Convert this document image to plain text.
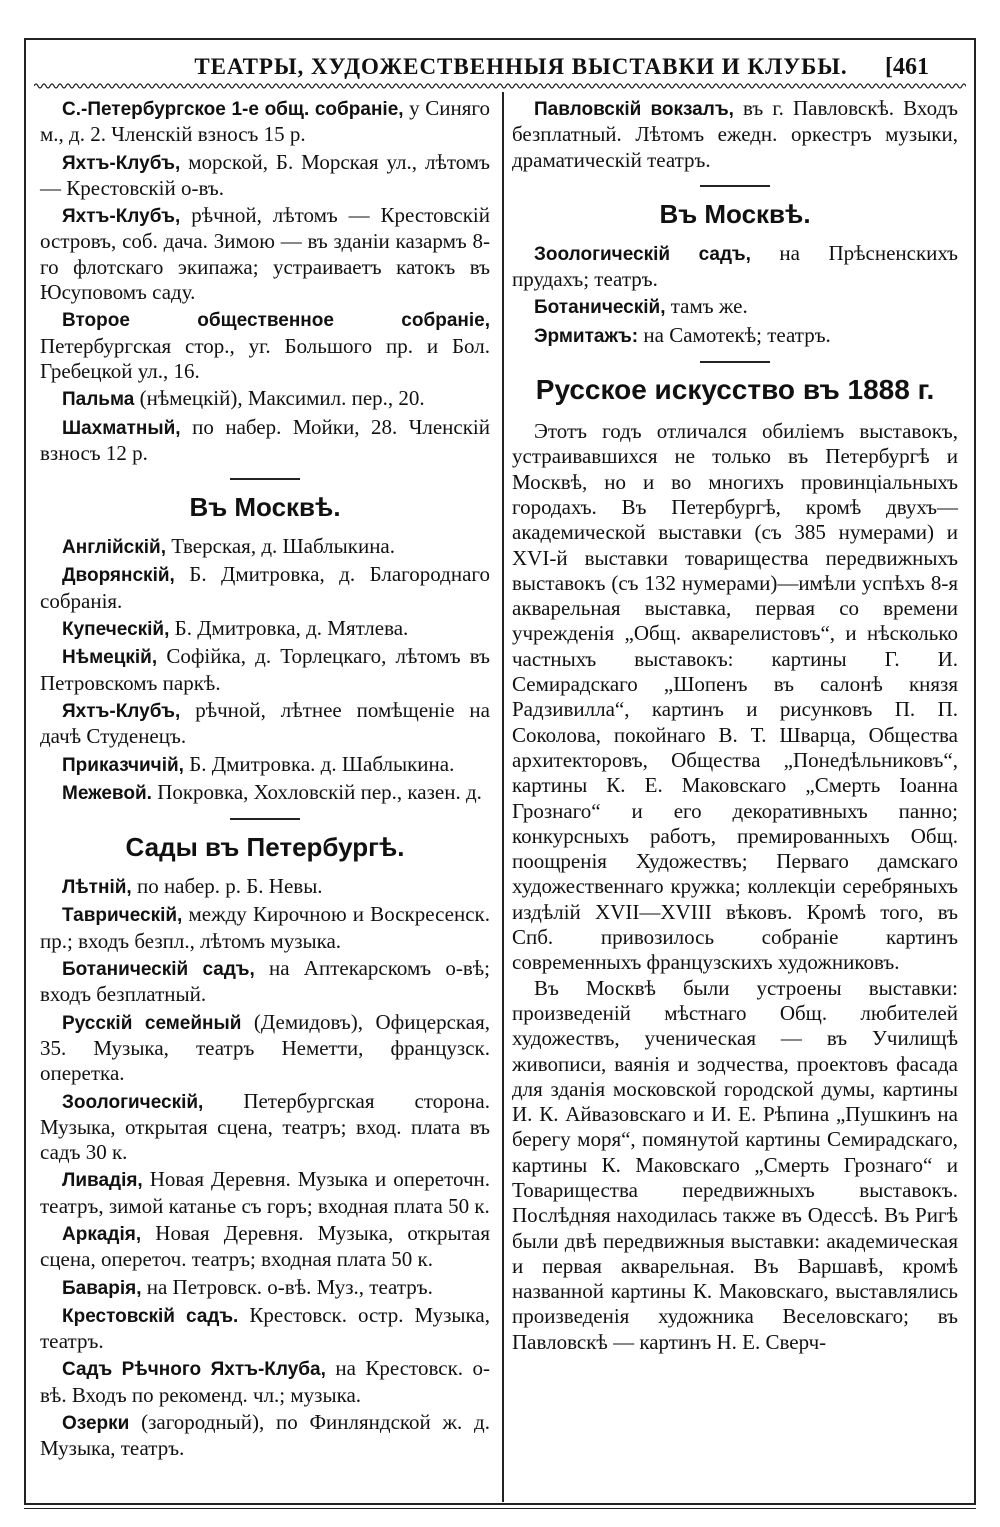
ТЕАТРЫ, ХУДОЖЕСТВЕННЫЯ ВЫСТАВКИ И КЛУБЫ.	[461

С.-Петербургское 1-е общ. собраніе, у Синяго м., д. 2. Членскій взносъ 15 р.

Яхтъ-Клубъ, морской, Б. Морская ул., лѣтомъ — Крестовскій о-въ.

Яхтъ-Клубъ, рѣчной, лѣтомъ — Крестовскій островъ, соб. дача. Зимою — въ зданіи казармъ 8-го флотскаго экипажа; устраиваетъ катокъ въ Юсуповомъ саду.

Второе общественное собраніе, Петербургская стор., уг. Большого пр. и Бол. Гребецкой ул., 16.

Пальма (нѣмецкій), Максимил. пер., 20.

Шахматный, по набер. Мойки, 28. Членскій взносъ 12 р.

Въ Москвѣ.

Англійскій, Тверская, д. Шаблыкина.

Дворянскій, Б. Дмитровка, д. Благороднаго собранія.

Купеческій, Б. Дмитровка, д. Мятлева.

Нѣмецкій, Софійка, д. Торлецкаго, лѣтомъ въ Петровскомъ паркѣ.

Яхтъ-Клубъ, рѣчной, лѣтнее помѣщеніе на дачѣ Студенецъ.

Приказчичій, Б. Дмитровка. д. Шаблыкина.

Межевой. Покровка, Хохловскій пер., казен. д.

Сады въ Петербургѣ.

Лѣтній, по набер. р. Б. Невы.

Таврическій, между Кирочною и Воскресенск. пр.; входъ безпл., лѣтомъ музыка.

Ботаническій садъ, на Аптекарскомъ о-вѣ; входъ безплатный.

Русскій семейный (Демидовъ), Офицерская, 35. Музыка, театръ Неметти, французск. оперетка.

Зоологическій, Петербургская сторона. Музыка, открытая сцена, театръ; вход. плата въ садъ 30 к.

Ливадія, Новая Деревня. Музыка и опереточн. театръ, зимой катанье съ горъ; входная плата 50 к.

Аркадія, Новая Деревня. Музыка, открытая сцена, опереточ. театръ; входная плата 50 к.

Баварія, на Петровск. о-вѣ. Муз., театръ.

Крестовскій садъ. Крестовск. остр. Музыка, театръ.

Садъ Рѣчного Яхтъ-Клуба, на Крестовск. о-вѣ. Входъ по рекоменд. чл.; музыка.

Озерки (загородный), по Финляндской ж. д. Музыка, театръ.

Павловскій вокзалъ, въ г. Павловскѣ. Входъ безплатный. Лѣтомъ ежедн. оркестръ музыки, драматическій театръ.

Въ Москвѣ.

Зоологическій садъ, на Прѣсненскихъ прудахъ; театръ.

Ботаническій, тамъ же.

Эрмитажъ: на Самотекѣ; театръ.

Русское искусство въ 1888 г.

Этотъ годъ отличался обиліемъ выставокъ, устраивавшихся не только въ Петербургѣ и Москвѣ, но и во многихъ провинціальныхъ городахъ. Въ Петербургѣ, кромѣ двухъ—академической выставки (съ 385 нумерами) и XVI-й выставки товарищества передвижныхъ выставокъ (съ 132 нумерами)—имѣли успѣхъ 8-я акварельная выставка, первая со времени учрежденія „Общ. акварелистовъ“, и нѣсколько частныхъ выставокъ: картины Г. И. Семирадскаго „Шопенъ въ салонѣ князя Радзивилла“, картинъ и рисунковъ П. П. Соколова, покойнаго В. Т. Шварца, Общества архитекторовъ, Общества „Понедѣльниковъ“, картины К. Е. Маковскаго „Смерть Іоанна Грознаго“ и его декоративныхъ панно; конкурсныхъ работъ, премированныхъ Общ. поощренія Художествъ; Перваго дамскаго художественнаго кружка; коллекціи серебряныхъ издѣлій XVII—XVIII вѣковъ. Кромѣ того, въ Спб. привозилось собраніе картинъ современныхъ французскихъ художниковъ.

Въ Москвѣ были устроены выставки: произведеній мѣстнаго Общ. любителей художествъ, ученическая — въ Училищѣ живописи, ваянія и зодчества, проектовъ фасада для зданія московской городской думы, картины И. К. Айвазовскаго и И. Е. Рѣпина „Пушкинъ на берегу моря“, помянутой картины Семирадскаго, картины К. Маковскаго „Смерть Грознаго“ и Товарищества передвижныхъ выставокъ. Послѣдняя находилась также въ Одессѣ. Въ Ригѣ были двѣ передвижныя выставки: академическая и первая акварельная. Въ Варшавѣ, кромѣ названной картины К. Маковскаго, выставлялись произведенія художника Веселовскаго; въ Павловскѣ — картинъ Н. Е. Сверч-
